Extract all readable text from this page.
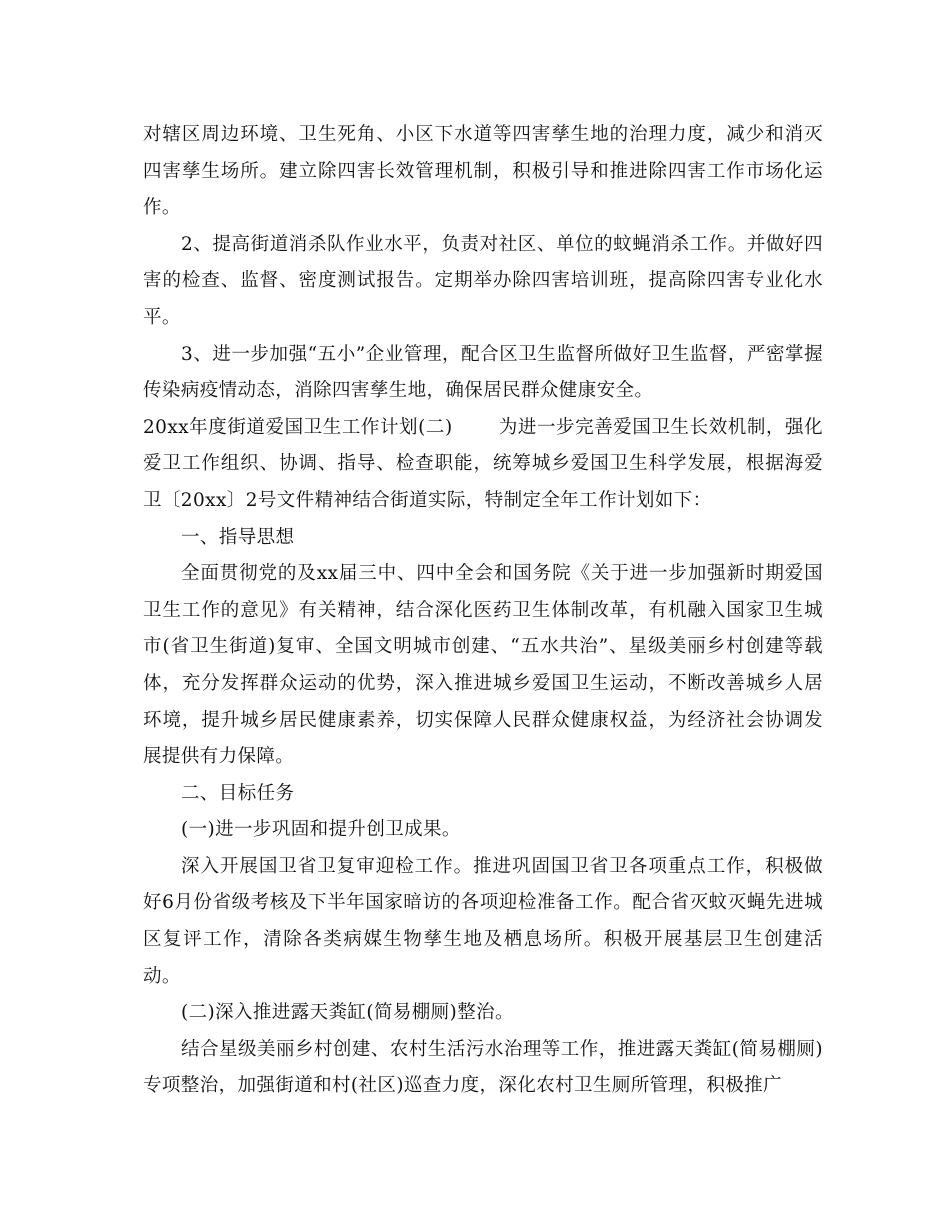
对辖区周边环境、卫生死角、小区下水道等四害孳生地的治理力度，减少和消灭四害孳生场所。建立除四害长效管理机制，积极引导和推进除四害工作市场化运作。

2、提高街道消杀队作业水平，负责对社区、单位的蚊蝇消杀工作。并做好四害的检查、监督、密度测试报告。定期举办除四害培训班，提高除四害专业化水平。

3、进一步加强“五小”企业管理，配合区卫生监督所做好卫生监督，严密掌握传染病疫情动态，消除四害孳生地，确保居民群众健康安全。

20xx年度街道爱国卫生工作计划(二) 为进一步完善爱国卫生长效机制，强化爱卫工作组织、协调、指导、检查职能，统筹城乡爱国卫生科学发展，根据海爱卫〔20xx〕2号文件精神结合街道实际，特制定全年工作计划如下：

一、指导思想

全面贯彻党的及xx届三中、四中全会和国务院《关于进一步加强新时期爱国卫生工作的意见》有关精神，结合深化医药卫生体制改革，有机融入国家卫生城市(省卫生街道)复审、全国文明城市创建、“五水共治”、星级美丽乡村创建等载体，充分发挥群众运动的优势，深入推进城乡爱国卫生运动，不断改善城乡人居环境，提升城乡居民健康素养，切实保障人民群众健康权益，为经济社会协调发展提供有力保障。

二、目标任务

(一)进一步巩固和提升创卫成果。

深入开展国卫省卫复审迎检工作。推进巩固国卫省卫各项重点工作，积极做好6月份省级考核及下半年国家暗访的各项迎检准备工作。配合省灭蚊灭蝇先进城区复评工作，清除各类病媒生物孳生地及栖息场所。积极开展基层卫生创建活动。

(二)深入推进露天粪缸(简易棚厕)整治。

结合星级美丽乡村创建、农村生活污水治理等工作，推进露天粪缸(简易棚厕)专项整治，加强街道和村(社区)巡查力度，深化农村卫生厕所管理，积极推广
